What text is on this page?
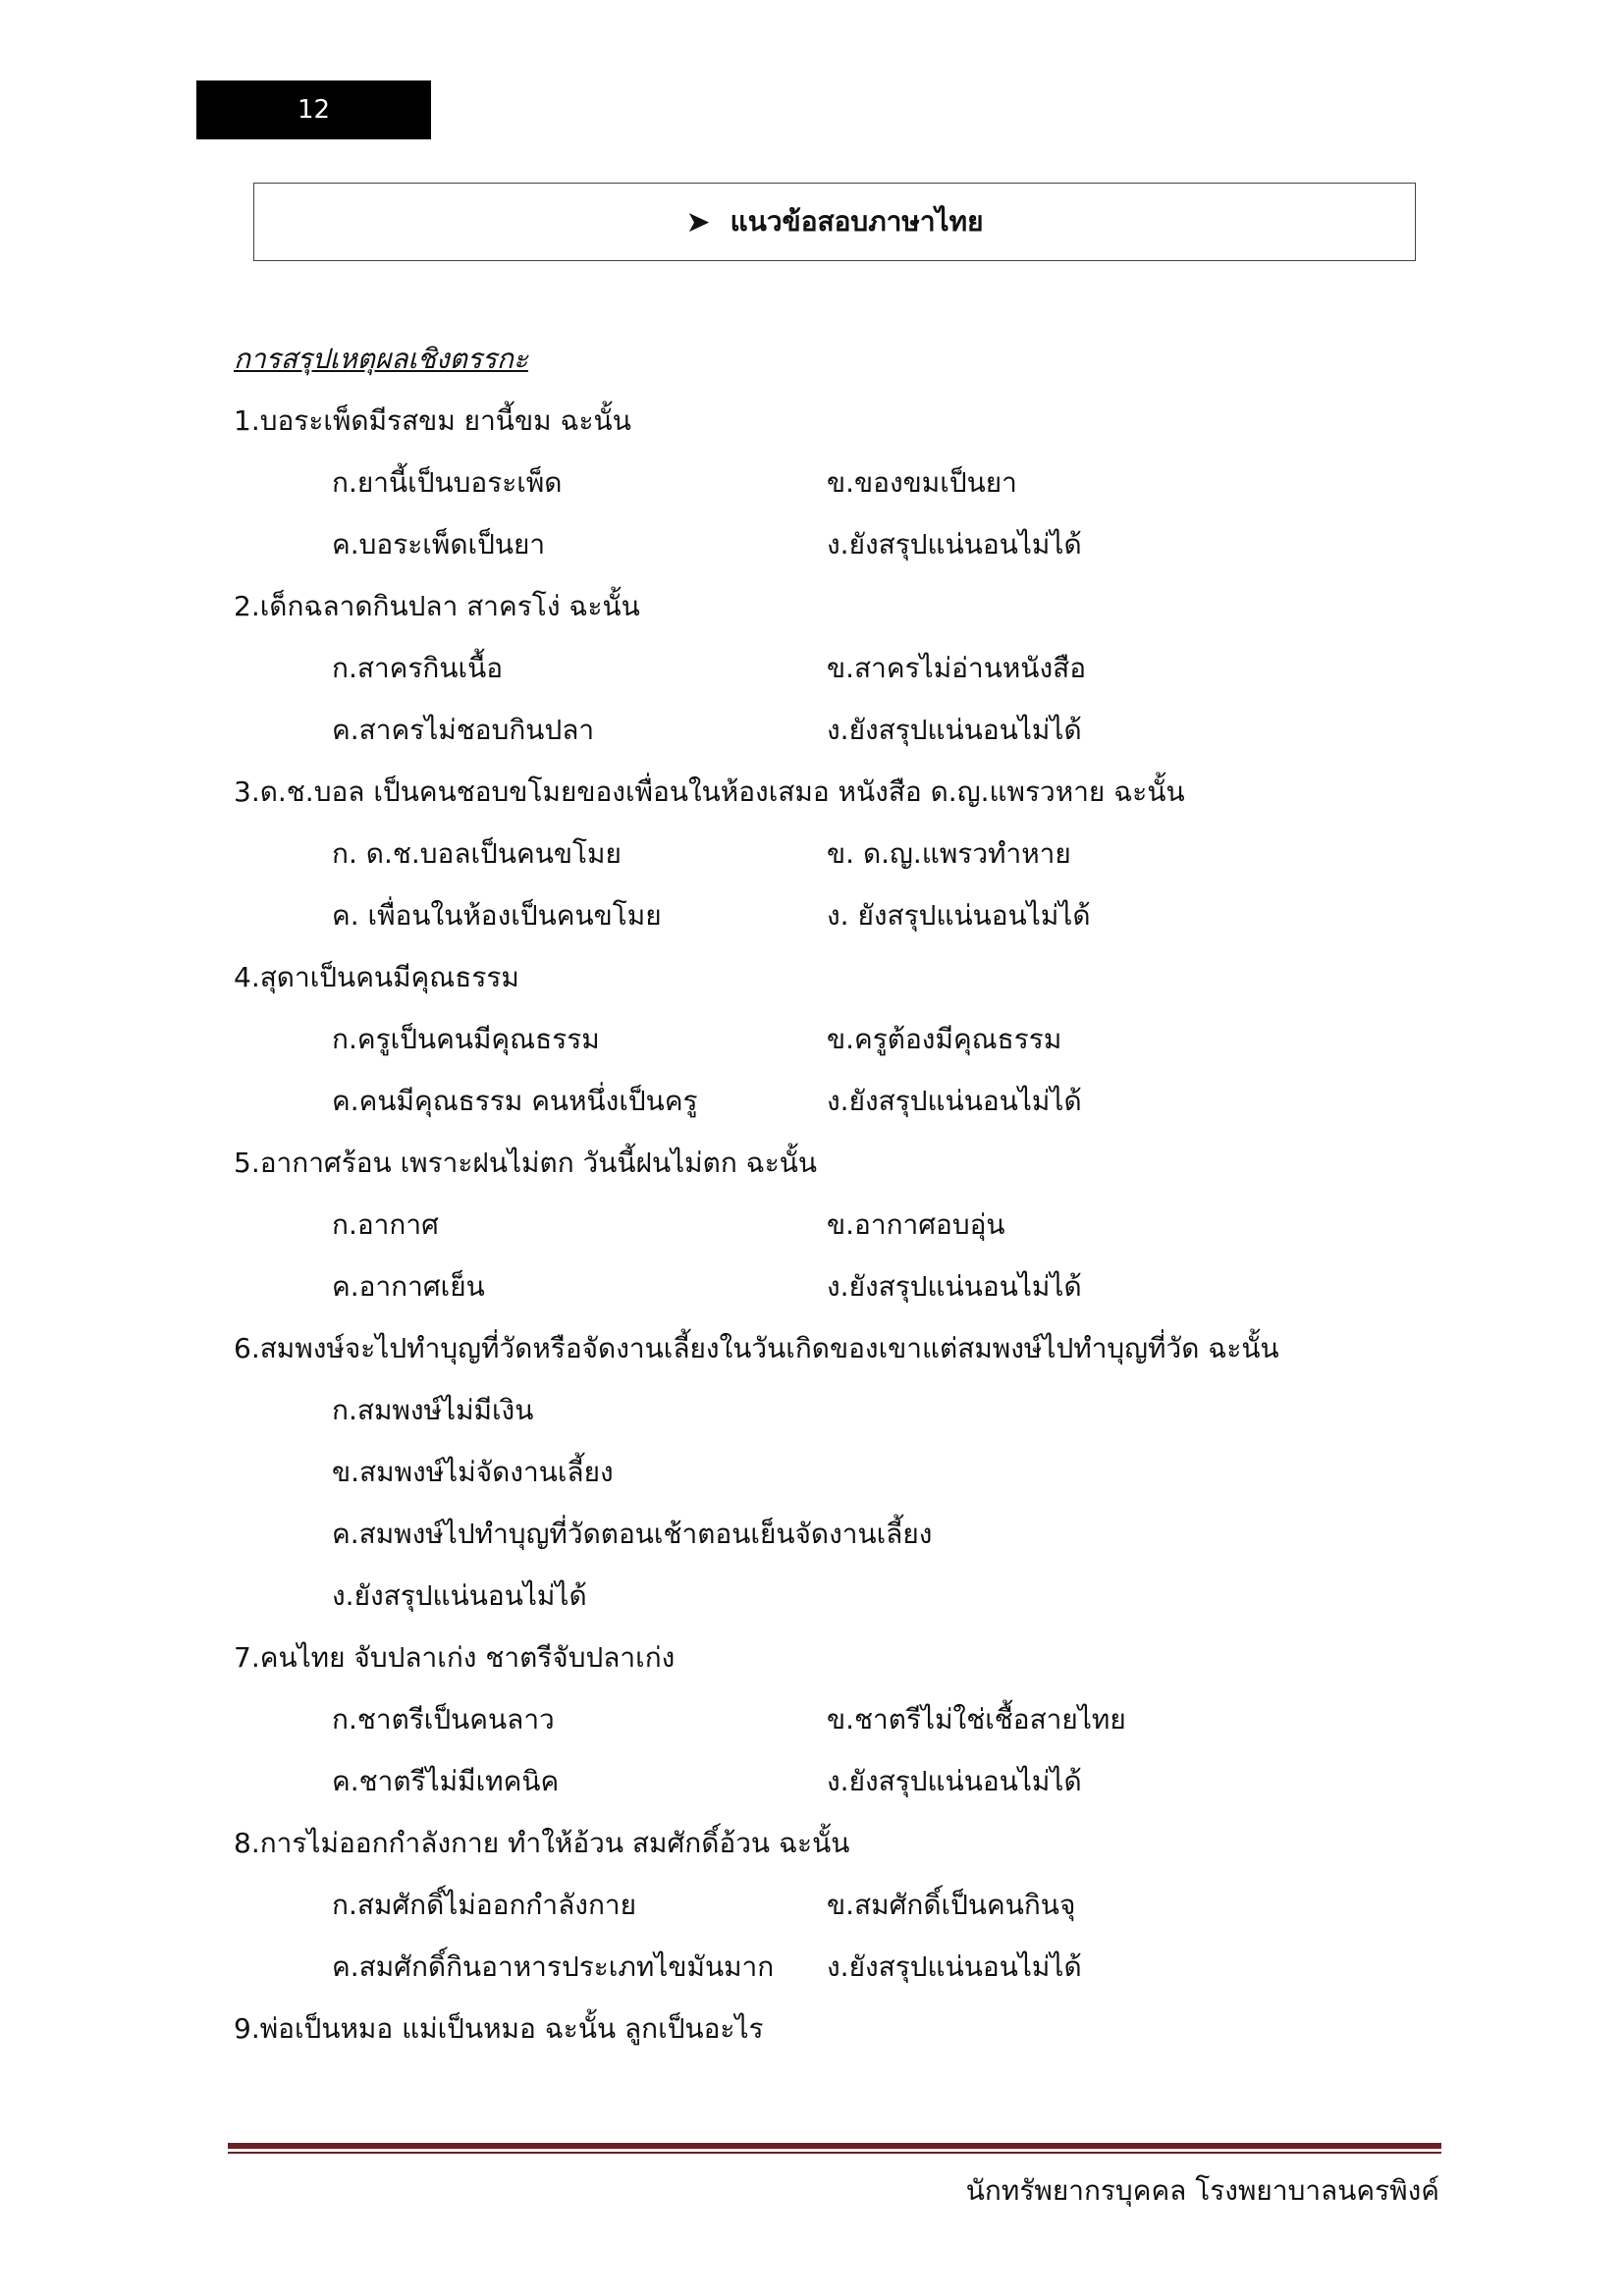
12
➤ แนวข้อสอบภาษาไทย
การสรุปเหตุผลเชิงตรรกะ
1.บอระเพ็ดมีรสขม ยานี้ขม ฉะนั้น
ก.ยานี้เป็นบอระเพ็ด	ข.ของขมเป็นยา
ค.บอระเพ็ดเป็นยา	ง.ยังสรุปแน่นอนไม่ได้
2.เด็กฉลาดกินปลา สาครโง่ ฉะนั้น
ก.สาครกินเนื้อ	ข.สาครไม่อ่านหนังสือ
ค.สาครไม่ชอบกินปลา	ง.ยังสรุปแน่นอนไม่ได้
3.ด.ช.บอล เป็นคนชอบขโมยของเพื่อนในห้องเสมอ หนังสือ ด.ญ.แพรวหาย ฉะนั้น
ก. ด.ช.บอลเป็นคนขโมย	ข. ด.ญ.แพรวทำหาย
ค. เพื่อนในห้องเป็นคนขโมย	ง. ยังสรุปแน่นอนไม่ได้
4.สุดาเป็นคนมีคุณธรรม
ก.ครูเป็นคนมีคุณธรรม	ข.ครูต้องมีคุณธรรม
ค.คนมีคุณธรรม คนหนึ่งเป็นครู	ง.ยังสรุปแน่นอนไม่ได้
5.อากาศร้อน เพราะฝนไม่ตก วันนี้ฝนไม่ตก ฉะนั้น
ก.อากาศ	ข.อากาศอบอุ่น
ค.อากาศเย็น	ง.ยังสรุปแน่นอนไม่ได้
6.สมพงษ์จะไปทำบุญที่วัดหรือจัดงานเลี้ยงในวันเกิดของเขาแต่สมพงษ์ไปทำบุญที่วัด ฉะนั้น
ก.สมพงษ์ไม่มีเงิน
ข.สมพงษ์ไม่จัดงานเลี้ยง
ค.สมพงษ์ไปทำบุญที่วัดตอนเช้าตอนเย็นจัดงานเลี้ยง
ง.ยังสรุปแน่นอนไม่ได้
7.คนไทย จับปลาเก่ง ชาตรีจับปลาเก่ง
ก.ชาตรีเป็นคนลาว	ข.ชาตรีไม่ใช่เชื้อสายไทย
ค.ชาตรีไม่มีเทคนิค	ง.ยังสรุปแน่นอนไม่ได้
8.การไม่ออกกำลังกาย ทำให้อ้วน สมศักดิ์อ้วน ฉะนั้น
ก.สมศักดิ์ไม่ออกกำลังกาย	ข.สมศักดิ์เป็นคนกินจุ
ค.สมศักดิ์กินอาหารประเภทไขมันมาก ง.ยังสรุปแน่นอนไม่ได้
9.พ่อเป็นหมอ แม่เป็นหมอ ฉะนั้น ลูกเป็นอะไร
นักทรัพยากรบุคคล โรงพยาบาลนครพิงค์
